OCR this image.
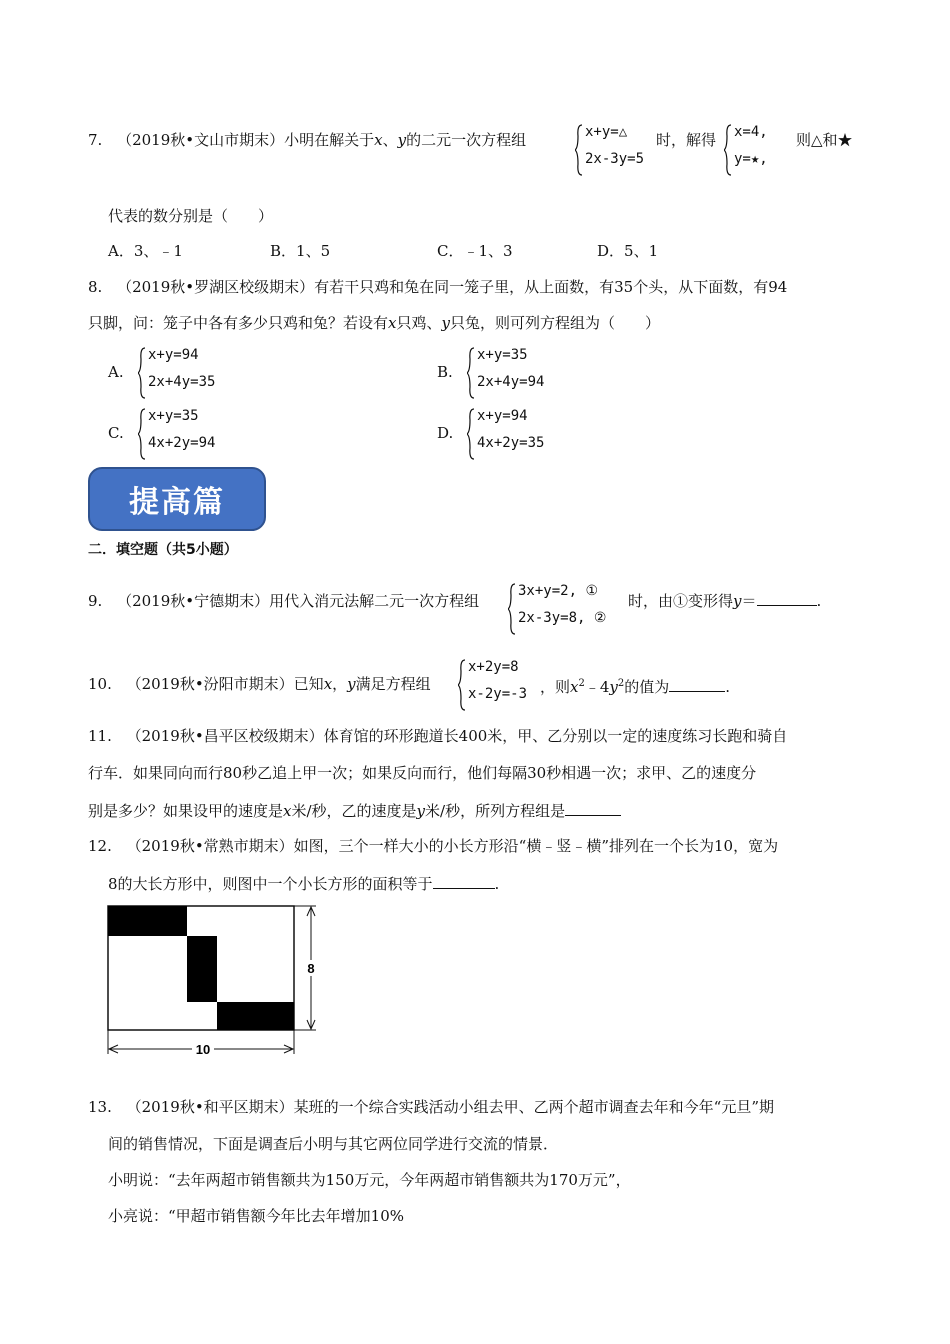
7. （2019秋•文山市期末）小明在解关于x、y的二元一次方程组	x+y=△
2x-3y=5
时，解得 x=4,
y=★,
则△和★
代表的数分别是（　　）
A．3、﹣1	B．1、5	C．﹣1、3	D．5、1
8. （2019秋•罗湖区校级期末）有若干只鸡和兔在同一笼子里，从上面数，有35个头，从下面数，有94
只脚，问：笼子中各有多少只鸡和兔？若设有x只鸡、y只兔，则可列方程组为（　　）
A.
x+y=94
2x+4y=35
B.
x+y=35
2x+4y=94
C.
x+y=35
4x+2y=94
D.
x+y=94
4x+2y=35
提高篇
二．填空题（共5小题）
9. （2019秋•宁德期末）用代入消元法解二元一次方程组
3x+y=2, ①
2x-3y=8, ②
时，由①变形得y＝	.
10. （2019秋•汾阳市期末）已知x，y满足方程组
x+2y=8
x-2y=-3 ，则$x^2﹣4y^2$的值为	.
11. （2019秋•昌平区校级期末）体育馆的环形跑道长400米，甲、乙分别以一定的速度练习长跑和骑自
行车．如果同向而行80秒乙追上甲一次；如果反向而行，他们每隔30秒相遇一次；求甲、乙的速度分
别是多少？如果设甲的速度是x米/秒，乙的速度是y米/秒，所列方程组是
12. （2019秋•常熟市期末）如图，三个一样大小的小长方形沿“横﹣竖﹣横”排列在一个长为10，宽为
8的大长方形中，则图中一个小长方形的面积等于	.
8
10
13. （2019秋•和平区期末）某班的一个综合实践活动小组去甲、乙两个超市调查去年和今年“元旦”期
间的销售情况，下面是调查后小明与其它两位同学进行交流的情景．
小明说：“去年两超市销售额共为150万元，今年两超市销售额共为170万元”，
小亮说：“甲超市销售额今年比去年增加10%
